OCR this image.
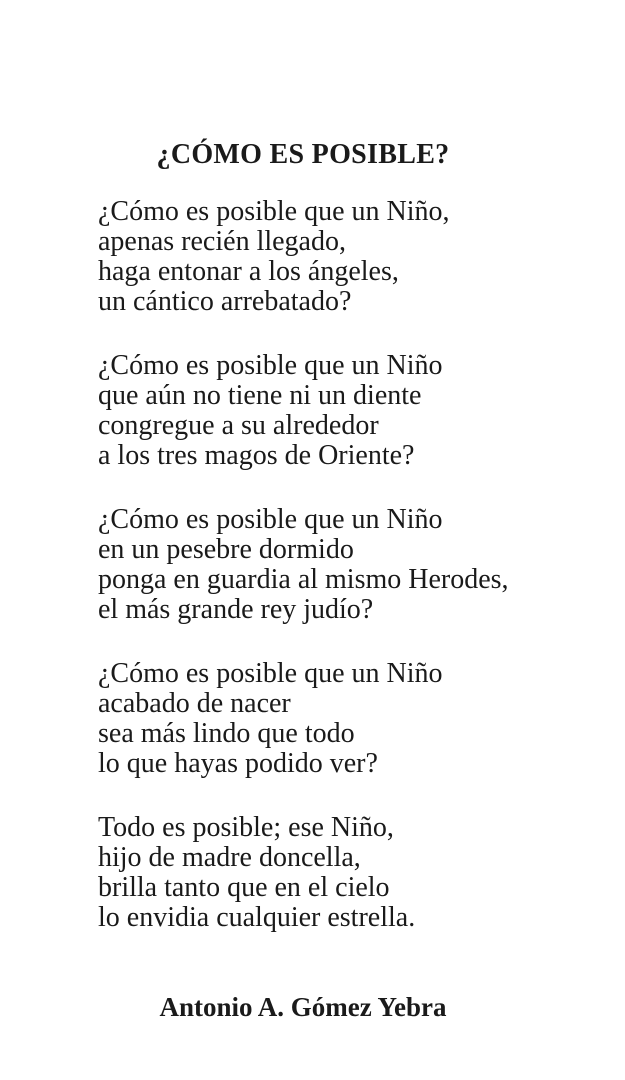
¿CÓMO ES POSIBLE?

¿Cómo es posible que un Niño,

apenas recién llegado,

haga entonar a los ángeles,

un cántico arrebatado?

¿Cómo es posible que un Niño

que aún no tiene ni un diente

congregue a su alrededor

a los tres magos de Oriente?

¿Cómo es posible que un Niño

en un pesebre dormido

ponga en guardia al mismo Herodes,

el más grande rey judío?

¿Cómo es posible que un Niño

acabado de nacer

sea más lindo que todo

lo que hayas podido ver?

Todo es posible; ese Niño,

hijo de madre doncella,

brilla tanto que en el cielo

lo envidia cualquier estrella.

Antonio A. Gómez Yebra
